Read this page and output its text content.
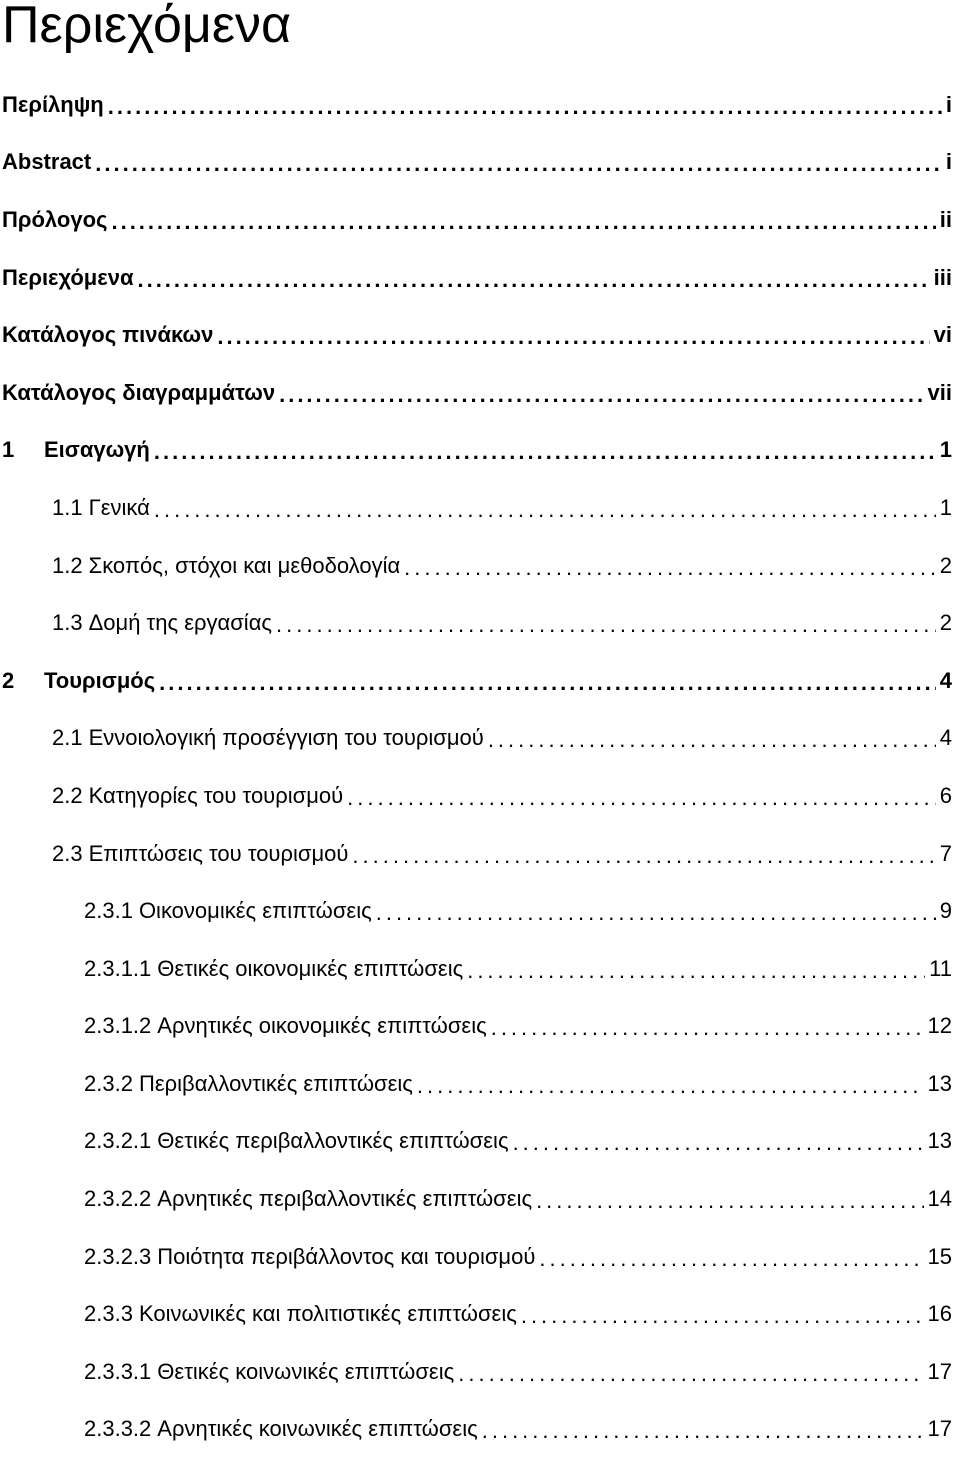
Περιεχόμενα
Περίληψη .....	i
Abstract .....	i
Πρόλογος .....	ii
Περιεχόμενα .....	iii
Κατάλογος πινάκων .....	vi
Κατάλογος διαγραμμάτων .....	vii
1	Εισαγωγή .....	1
1.1 Γενικά .....	1
1.2 Σκοπός, στόχοι και μεθοδολογία .....	2
1.3 Δομή της εργασίας .....	2
2	Τουρισμός .....	4
2.1 Εννοιολογική προσέγγιση του τουρισμού .....	4
2.2 Κατηγορίες του τουρισμού .....	6
2.3 Επιπτώσεις του τουρισμού .....	7
2.3.1 Οικονομικές επιπτώσεις .....	9
2.3.1.1 Θετικές οικονομικές επιπτώσεις .....	11
2.3.1.2 Αρνητικές οικονομικές επιπτώσεις .....	12
2.3.2 Περιβαλλοντικές επιπτώσεις .....	13
2.3.2.1 Θετικές περιβαλλοντικές επιπτώσεις .....	13
2.3.2.2 Αρνητικές περιβαλλοντικές επιπτώσεις .....	14
2.3.2.3 Ποιότητα περιβάλλοντος και τουρισμού .....	15
2.3.3 Κοινωνικές και πολιτιστικές επιπτώσεις .....	16
2.3.3.1 Θετικές κοινωνικές επιπτώσεις .....	17
2.3.3.2 Αρνητικές κοινωνικές επιπτώσεις .....	17
